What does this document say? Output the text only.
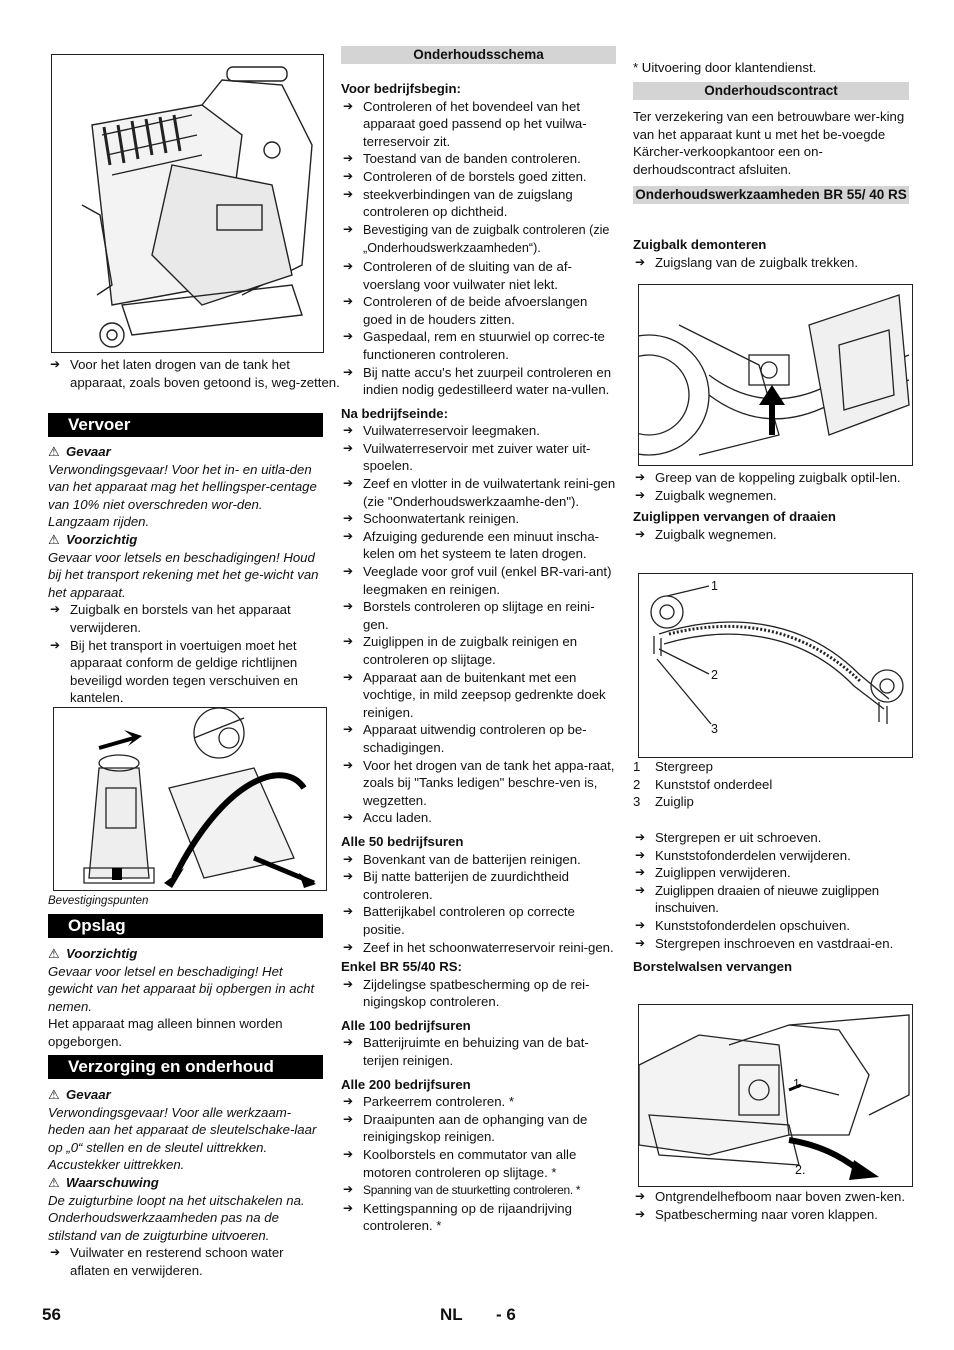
➔ Voor het laten drogen van de tank het apparaat, zoals boven getoond is, weg-zetten.
Vervoer
⚠ Gevaar
Verwondingsgevaar! Voor het in- en uitla-den van het apparaat mag het hellingsper-centage van 10% niet overschreden wor-den. Langzaam rijden.
⚠ Voorzichtig
Gevaar voor letsels en beschadigingen! Houd bij het transport rekening met het ge-wicht van het apparaat.
➔ Zuigbalk en borstels van het apparaat verwijderen.
➔ Bij het transport in voertuigen moet het apparaat conform de geldige richtlijnen beveiligd worden tegen verschuiven en kantelen.
Bevestigingspunten
Opslag
⚠ Voorzichtig
Gevaar voor letsel en beschadiging! Het gewicht van het apparaat bij opbergen in acht nemen.
Het apparaat mag alleen binnen worden opgeborgen.
Verzorging en onderhoud
⚠ Gevaar
Verwondingsgevaar! Voor alle werkzaam-heden aan het apparaat de sleutelschake-laar op „0“ stellen en de sleutel uittrekken. Accustekker uittrekken.
⚠ Waarschuwing
De zuigturbine loopt na het uitschakelen na. Onderhoudswerkzaamheden pas na de stilstand van de zuigturbine uitvoeren.
➔ Vuilwater en resterend schoon water aflaten en verwijderen.
Onderhoudsschema
Voor bedrijfsbegin:
➔ Controleren of het bovendeel van het apparaat goed passend op het vuilwa-terreservoir zit.
➔ Toestand van de banden controleren.
➔ Controleren of de borstels goed zitten.
➔ steekverbindingen van de zuigslang controleren op dichtheid.
➔ Bevestiging van de zuigbalk controleren (zie „Onderhoudswerkzaamheden“).
➔ Controleren of de sluiting van de af-voerslang voor vuilwater niet lekt.
➔ Controleren of de beide afvoerslangen goed in de houders zitten.
➔ Gaspedaal, rem en stuurwiel op correc-te functioneren controleren.
➔ Bij natte accu's het zuurpeil controleren en indien nodig gedestilleerd water na-vullen.
Na bedrijfseinde:
➔ Vuilwaterreservoir leegmaken.
➔ Vuilwaterreservoir met zuiver water uit-spoelen.
➔ Zeef en vlotter in de vuilwatertank reini-gen (zie "Onderhoudswerkzaamhe-den").
➔ Schoonwatertank reinigen.
➔ Afzuiging gedurende een minuut inscha-kelen om het systeem te laten drogen.
➔ Veeglade voor grof vuil (enkel BR-vari-ant) leegmaken en reinigen.
➔ Borstels controleren op slijtage en reini-gen.
➔ Zuiglippen in de zuigbalk reinigen en controleren op slijtage.
➔ Apparaat aan de buitenkant met een vochtige, in mild zeepsop gedrenkte doek reinigen.
➔ Apparaat uitwendig controleren op be-schadigingen.
➔ Voor het drogen van de tank het appa-raat, zoals bij "Tanks ledigen" beschre-ven is, wegzetten.
➔ Accu laden.
Alle 50 bedrijfsuren
➔ Bovenkant van de batterijen reinigen.
➔ Bij natte batterijen de zuurdichtheid controleren.
➔ Batterijkabel controleren op correcte positie.
➔ Zeef in het schoonwaterreservoir reini-gen.
Enkel BR 55/40 RS:
➔ Zijdelingse spatbescherming op de rei-nigingskop controleren.
Alle 100 bedrijfsuren
➔ Batterijruimte en behuizing van de bat-terijen reinigen.
Alle 200 bedrijfsuren
➔ Parkeerrem controleren. *
➔ Draaipunten aan de ophanging van de reinigingskop reinigen.
➔ Koolborstels en commutator van alle motoren controleren op slijtage. *
➔ Spanning van de stuurketting controleren. *
➔ Kettingspanning op de rijaandrijving controleren. *
* Uitvoering door klantendienst.
Onderhoudscontract
Ter verzekering van een betrouwbare wer-king van het apparaat kunt u met het be-voegde Kärcher-verkoopkantoor een on-derhoudscontract afsluiten.
Onderhoudswerkzaamheden BR 55/ 40 RS
Zuigbalk demonteren
➔ Zuigslang van de zuigbalk trekken.
➔ Greep van de koppeling zuigbalk optil-len.
➔ Zuigbalk wegnemen.
Zuiglippen vervangen of draaien
➔ Zuigbalk wegnemen.
1
2
3
1 Stergreep
2 Kunststof onderdeel
3 Zuiglip
➔ Stergrepen er uit schroeven.
➔ Kunststofonderdelen verwijderen.
➔ Zuiglippen verwijderen.
➔ Zuiglippen draaien of nieuwe zuiglippen inschuiven.
➔ Kunststofonderdelen opschuiven.
➔ Stergrepen inschroeven en vastdraai-en.
Borstelwalsen vervangen
1
2.
➔ Ontgrendelhefboom naar boven zwen-ken.
➔ Spatbescherming naar voren klappen.
56	NL - 6
